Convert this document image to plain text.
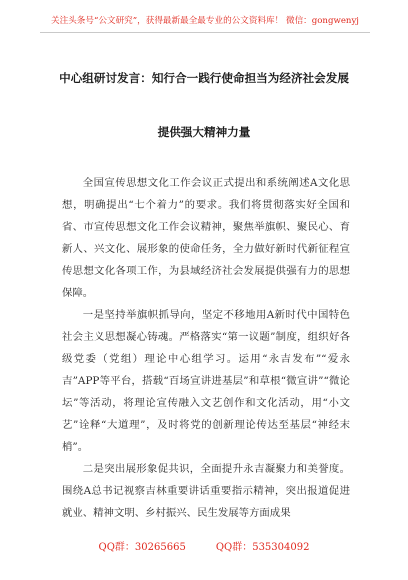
关注头条号“公文研究”，获得最新最全最专业的公文资料库！ 微信：gongwenyj
中心组研讨发言：知行合一践行使命担当为经济社会发展
提供强大精神力量

全国宣传思想文化工作会议正式提出和系统阐述A文化思想，明确提出“七个着力”的要求。我们将贯彻落实好全国和省、市宣传思想文化工作会议精神，聚焦举旗帜、聚民心、育新人、兴文化、展形象的使命任务，全力做好新时代新征程宣传思想文化各项工作，为县域经济社会发展提供强有力的思想保障。

一是坚持举旗帜抓导向，坚定不移地用A新时代中国特色社会主义思想凝心铸魂。严格落实“第一议题”制度，组织好各级党委（党组）理论中心组学习。运用“永吉发布”“爱永吉”APP等平台，搭载“百场宣讲进基层”和草根“微宣讲”“微论坛”等活动，将理论宣传融入文艺创作和文化活动，用“小文艺”诠释“大道理”，及时将党的创新理论传达至基层“神经末梢”。

二是突出展形象促共识，全面提升永吉凝聚力和美誉度。围绕A总书记视察吉林重要讲话重要指示精神，突出报道促进就业、精神文明、乡村振兴、民生发展等方面成果

QQ群：30265665	QQ群：535304092
